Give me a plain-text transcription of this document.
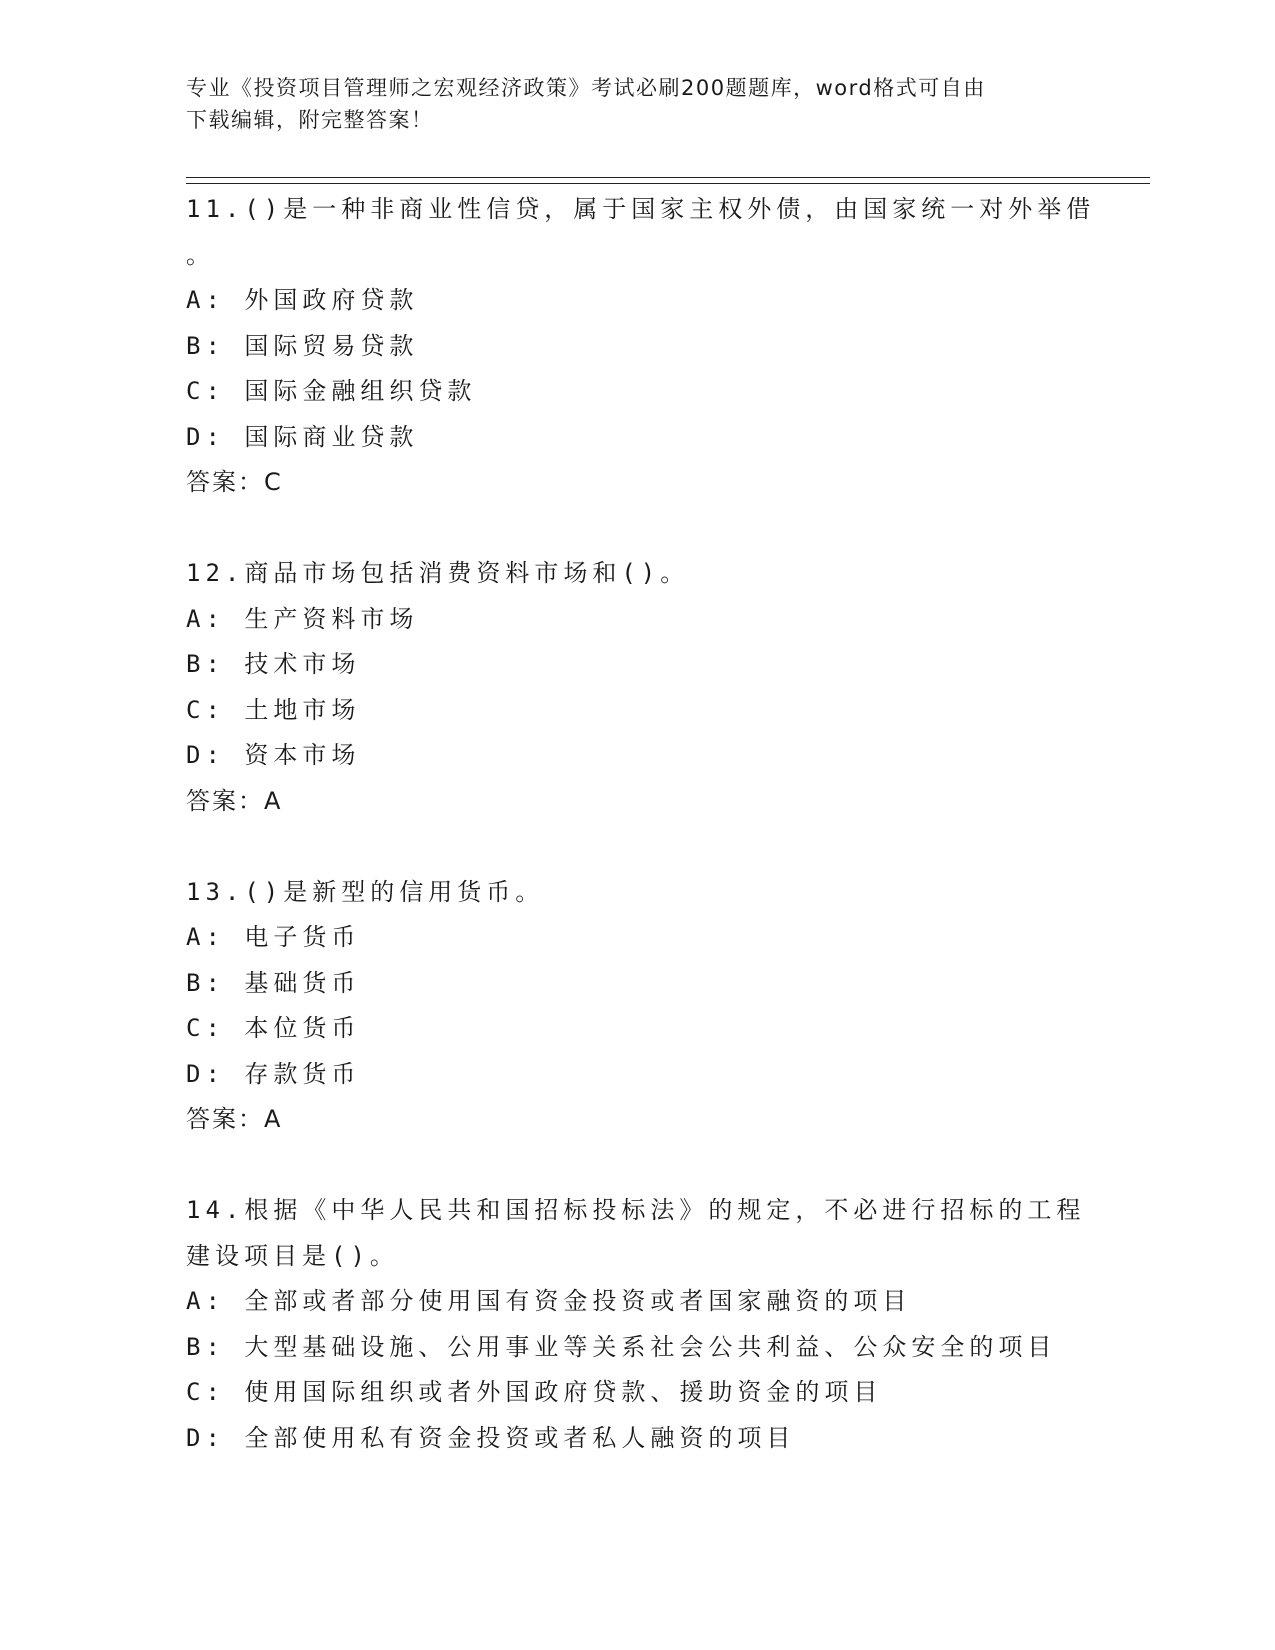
专业《投资项目管理师之宏观经济政策》考试必刷200题题库，word格式可自由
下载编辑，附完整答案！
11.()是一种非商业性信贷，属于国家主权外债，由国家统一对外举借
。
A: 外国政府贷款
B: 国际贸易贷款
C: 国际金融组织贷款
D: 国际商业贷款
答案：C
12.商品市场包括消费资料市场和()。
A: 生产资料市场
B: 技术市场
C: 土地市场
D: 资本市场
答案：A
13.()是新型的信用货币。
A: 电子货币
B: 基础货币
C: 本位货币
D: 存款货币
答案：A
14.根据《中华人民共和国招标投标法》的规定，不必进行招标的工程
建设项目是()。
A: 全部或者部分使用国有资金投资或者国家融资的项目
B: 大型基础设施、公用事业等关系社会公共利益、公众安全的项目
C: 使用国际组织或者外国政府贷款、援助资金的项目
D: 全部使用私有资金投资或者私人融资的项目
